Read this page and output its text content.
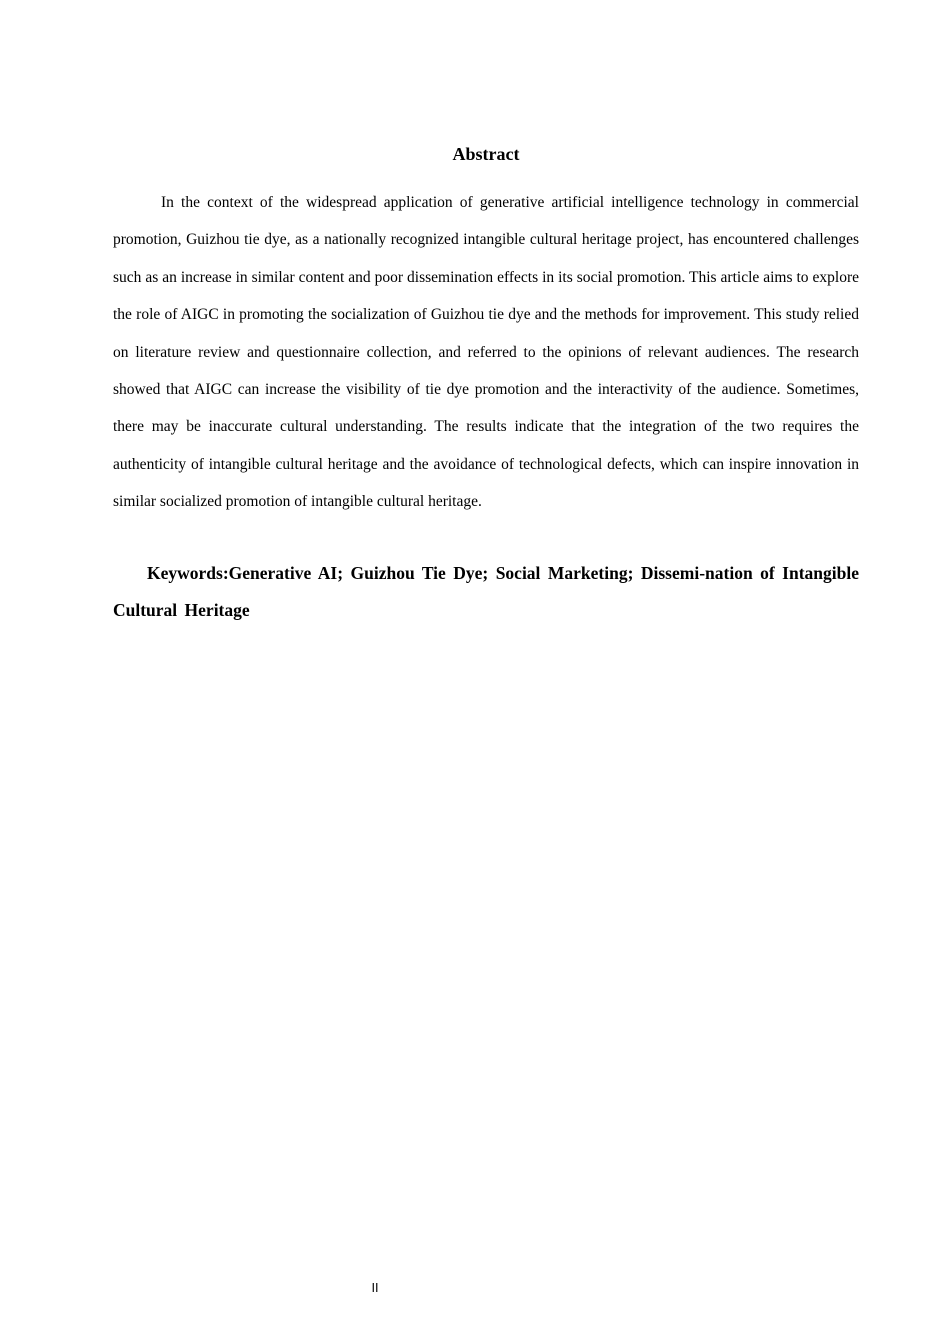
Abstract

In the context of the widespread application of generative artificial intelligence technology in commercial promotion, Guizhou tie dye, as a nationally recognized intangible cultural heritage project, has encountered challenges such as an increase in similar content and poor dissemination effects in its social promotion. This article aims to explore the role of AIGC in promoting the socialization of Guizhou tie dye and the methods for improvement. This study relied on literature review and questionnaire collection, and referred to the opinions of relevant audiences. The research showed that AIGC can increase the visibility of tie dye promotion and the interactivity of the audience. Sometimes, there may be inaccurate cultural understanding. The results indicate that the integration of the two requires the authenticity of intangible cultural heritage and the avoidance of technological defects, which can inspire innovation in similar socialized promotion of intangible cultural heritage.

Keywords:Generative AI; Guizhou Tie Dye; Social Marketing; Dissemi-nation of Intangible Cultural Heritage

II
